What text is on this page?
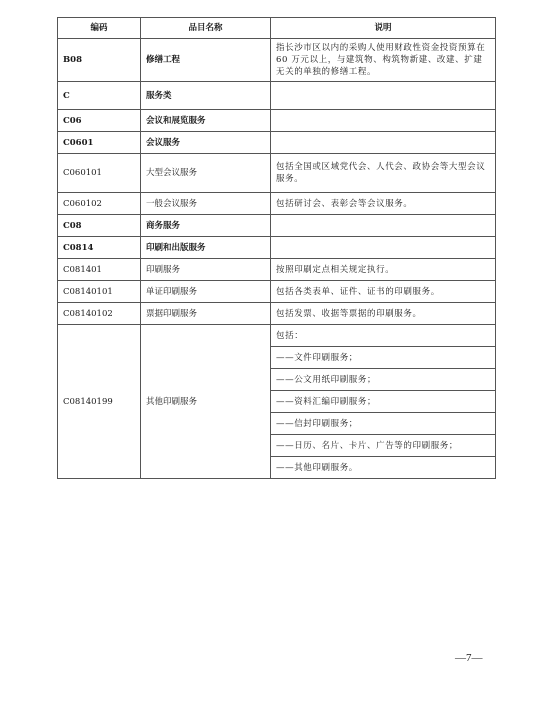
编码	品目名称	说明
B08	修缮工程	指长沙市区以内的采购人使用财政性资金投资预算在 60 万元以上，与建筑物、构筑物新建、改建、扩建无关的单独的修缮工程。
C	服务类	
C06	会议和展览服务	
C0601	会议服务	
C060101	大型会议服务	包括全国或区域党代会、人代会、政协会等大型会议服务。
C060102	一般会议服务	包括研讨会、表彰会等会议服务。
C08	商务服务	
C0814	印刷和出版服务	
C081401	印刷服务	按照印刷定点相关规定执行。
C08140101	单证印刷服务	包括各类表单、证件、证书的印刷服务。
C08140102	票据印刷服务	包括发票、收据等票据的印刷服务。
C08140199	其他印刷服务	包括：
		——文件印刷服务；
		——公文用纸印刷服务；
		——资料汇编印刷服务；
		——信封印刷服务；
		——日历、名片、卡片、广告等的印刷服务；
		——其他印刷服务。
—7—
